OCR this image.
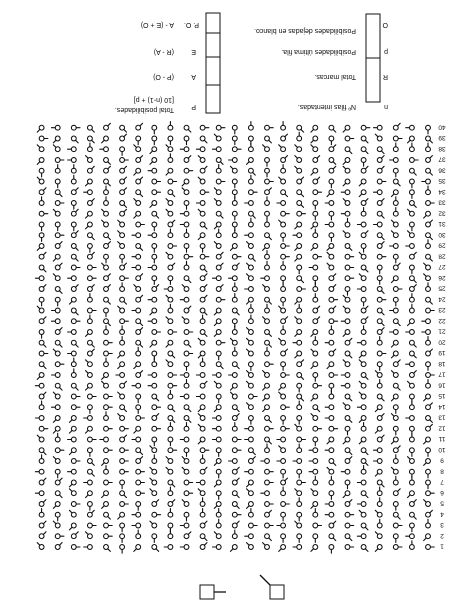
1
2
3
4
5
6
7
8
9
10
11
12
13
14
15
16
17
18
19
20
21
22
23
24
25
26
27
28
29
30
31
32
33
34
35
36
37
38
39
40
n
R
p
O
Nº filas intentadas.
Total marcas.
Posibilidades última fila.
Posibilidades dejadas en blanco.
P
A
E
P. O.
Total posibilidades.
[10 (n-1) + p]
(P - O)
(R - A)
A - (E + O)
